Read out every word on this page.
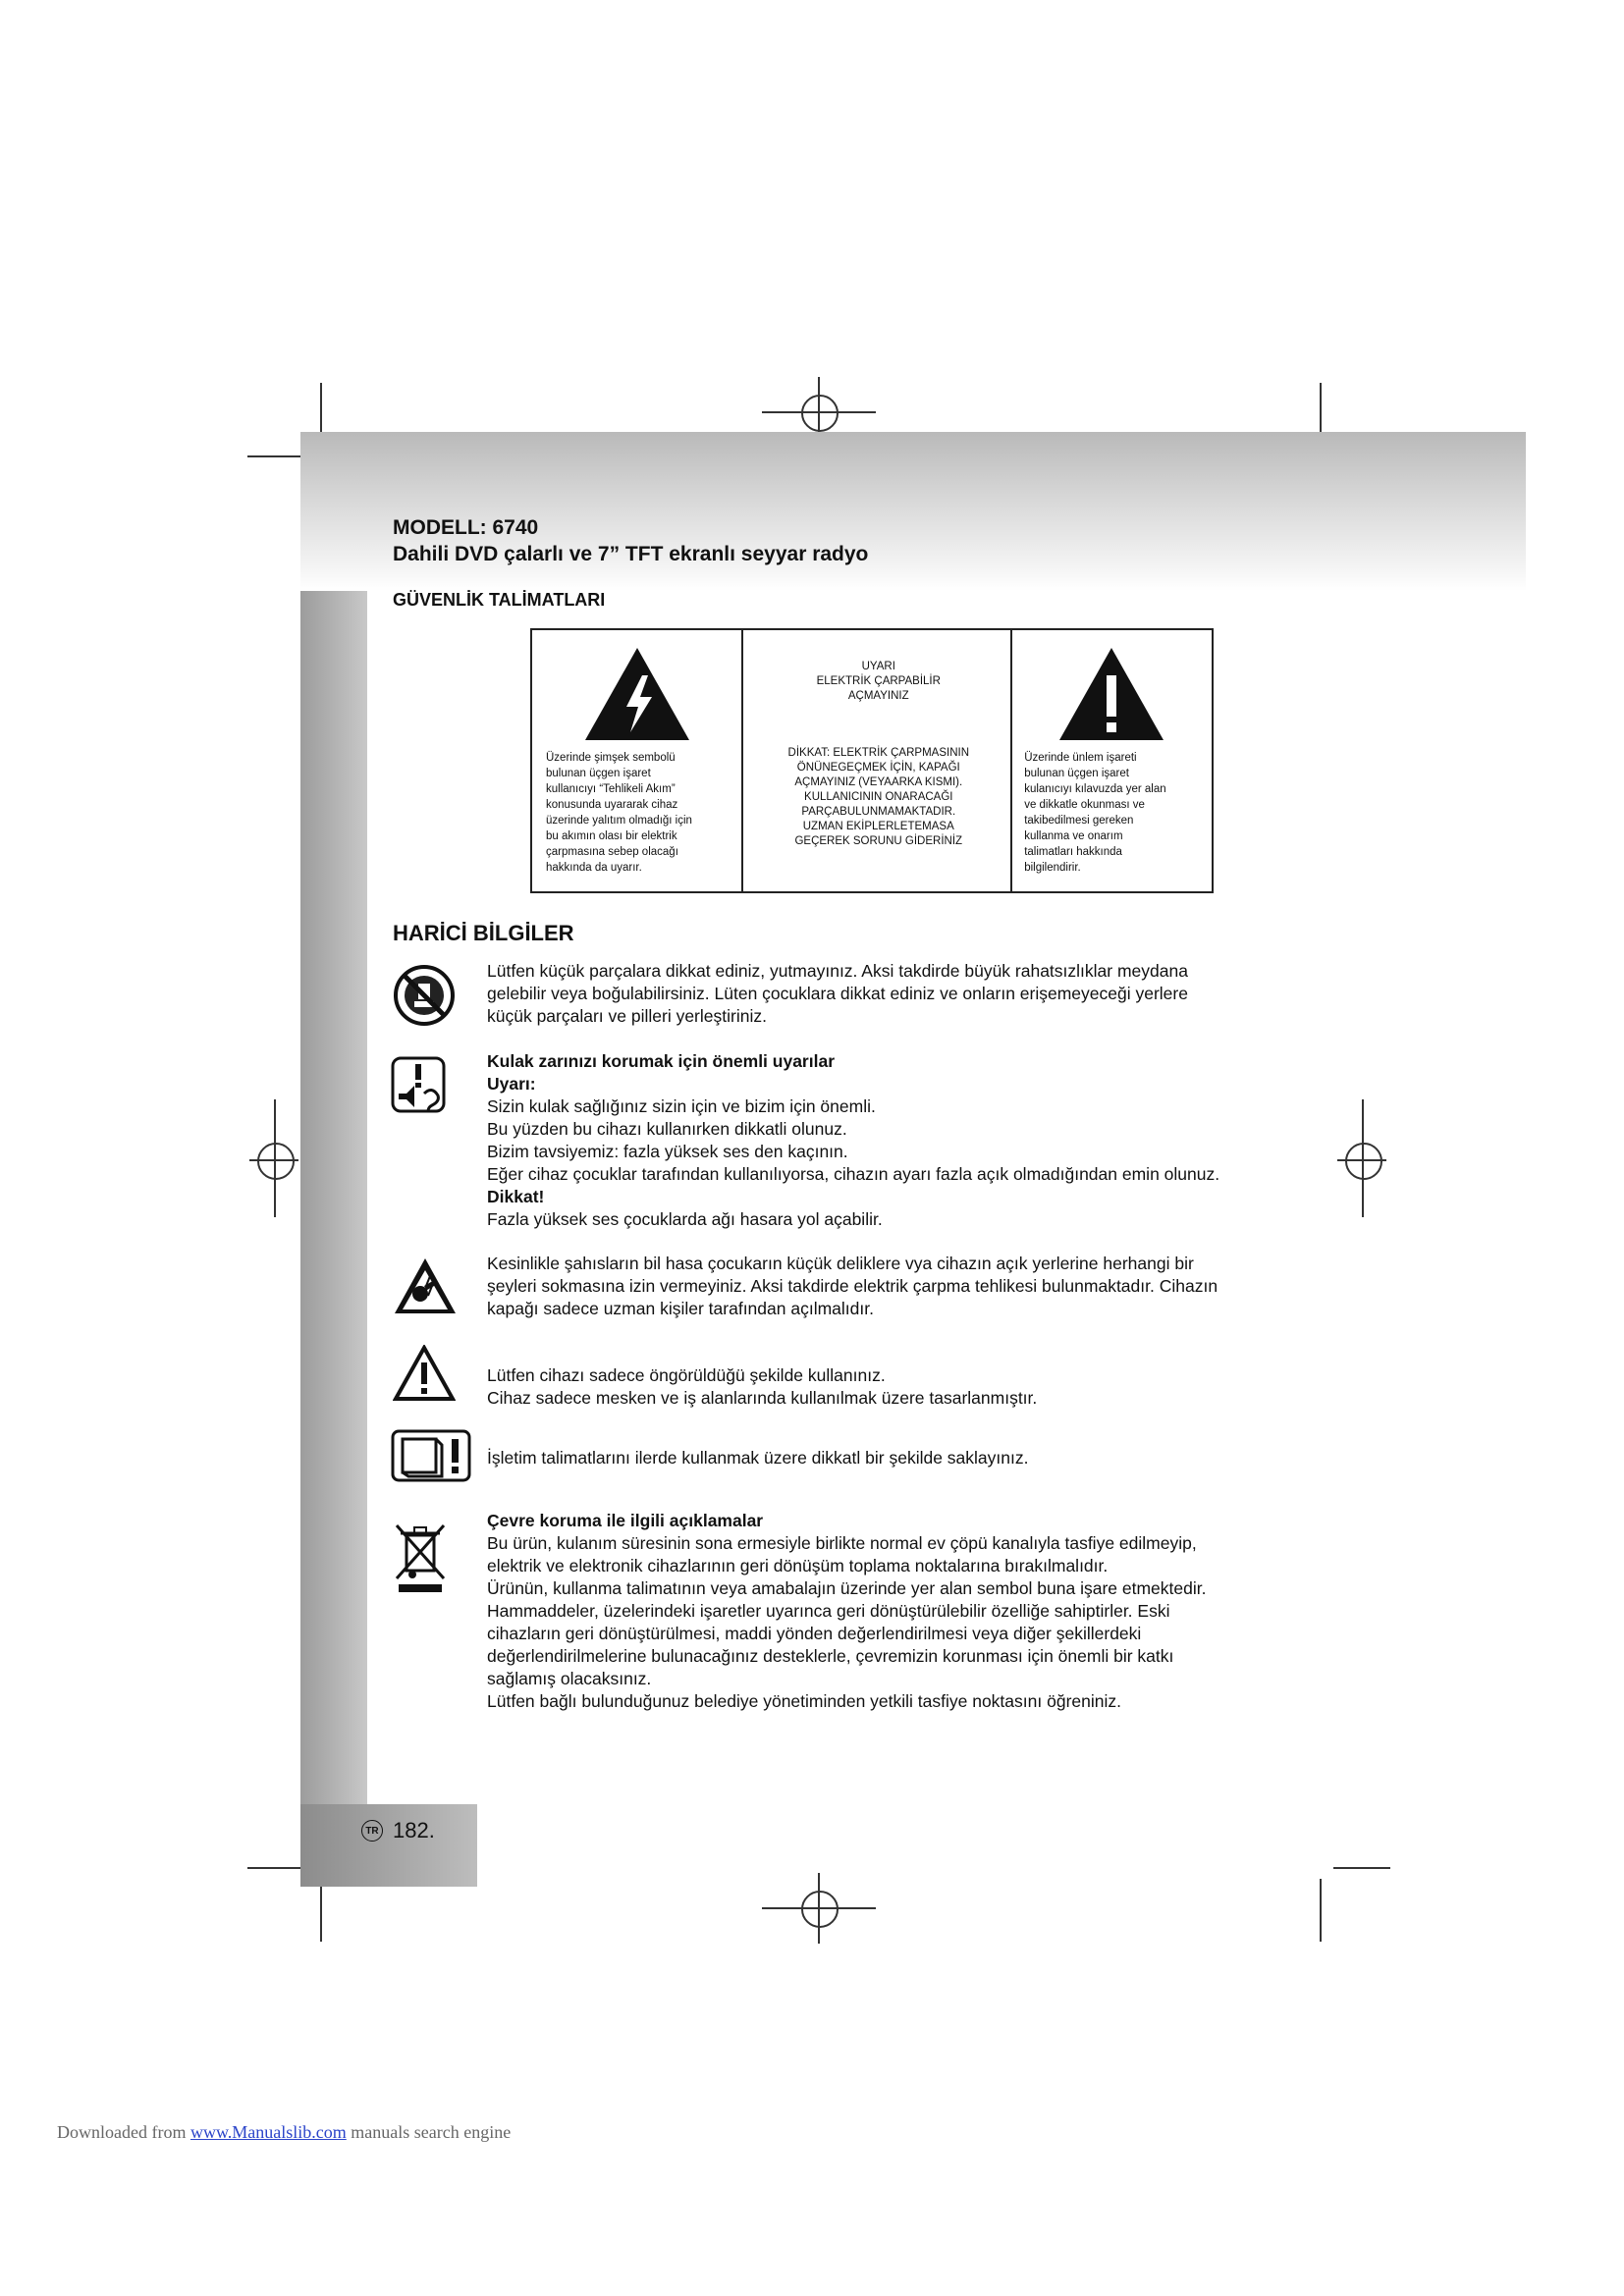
TR 182.
MODELL: 6740
Dahili DVD çalarlı ve 7” TFT ekranlı seyyar radyo
GÜVENLİK TALİMATLARI
Üzerinde şimşek sembolü
bulunan üçgen işaret
kullanıcıyı “Tehlikeli Akım”
konusunda uyararak cihaz
üzerinde yalıtım olmadığı için
bu akımın olası bir elektrik
çarpmasına sebep olacağı
hakkında da uyarır.
UYARI
ELEKTRİK ÇARPABİLİR
AÇMAYINIZ
DİKKAT: ELEKTRİK ÇARPMASININ
ÖNÜNEGEÇMEK İÇİN, KAPAĞI
AÇMAYINIZ (VEYAARKA KISMI).
KULLANICININ ONARACAĞI
PARÇABULUNMAMAKTADIR.
UZMAN EKİPLERLETEMASA
GEÇEREK SORUNU GİDERİNİZ
Üzerinde ünlem işareti
bulunan üçgen işaret
kulanıcıyı kılavuzda yer alan
ve dikkatle okunması ve
takibedilmesi gereken
kullanma ve onarım
talimatları hakkında
bilgilendirir.
HARİCİ BİLGİLER
Lütfen küçük parçalara dikkat ediniz, yutmayınız. Aksi takdirde büyük rahatsızlıklar meydana
gelebilir veya boğulabilirsiniz. Lüten çocuklara dikkat ediniz ve onların erişemeyeceği yerlere
küçük parçaları ve pilleri yerleştiriniz.
Kulak zarınızı korumak için önemli uyarılar
Uyarı:
Sizin kulak sağlığınız sizin için ve bizim için önemli.
Bu yüzden bu cihazı kullanırken dikkatli olunuz.
Bizim tavsiyemiz: fazla yüksek ses den kaçının.
Eğer cihaz çocuklar tarafından kullanılıyorsa, cihazın ayarı fazla açık olmadığından emin olunuz.
Dikkat!
Fazla yüksek ses çocuklarda ağı hasara yol açabilir.
Kesinlikle şahısların bil hasa çocukarın küçük deliklere vya cihazın açık yerlerine herhangi bir
şeyleri sokmasına izin vermeyiniz. Aksi takdirde elektrik çarpma tehlikesi bulunmaktadır. Cihazın
kapağı sadece uzman kişiler tarafından açılmalıdır.
Lütfen cihazı sadece öngörüldüğü şekilde kullanınız.
Cihaz sadece mesken ve iş alanlarında kullanılmak üzere tasarlanmıştır.
İşletim talimatlarını ilerde kullanmak üzere dikkatl bir şekilde saklayınız.
Çevre koruma ile ilgili açıklamalar
Bu ürün, kulanım süresinin sona ermesiyle birlikte normal ev çöpü kanalıyla tasfiye edilmeyip,
elektrik ve elektronik cihazlarının geri dönüşüm toplama noktalarına bırakılmalıdır.
Ürünün, kullanma talimatının veya amabalajın üzerinde yer alan sembol buna işare etmektedir.
Hammaddeler, üzelerindeki işaretler uyarınca geri dönüştürülebilir özelliğe sahiptirler. Eski
cihazların geri dönüştürülmesi, maddi yönden değerlendirilmesi veya diğer şekillerdeki
değerlendirilmelerine bulunacağınız desteklerle, çevremizin korunması için önemli bir katkı
sağlamış olacaksınız.
Lütfen bağlı bulunduğunuz belediye yönetiminden yetkili tasfiye noktasını öğreniniz.
Downloaded from www.Manualslib.com manuals search engine
